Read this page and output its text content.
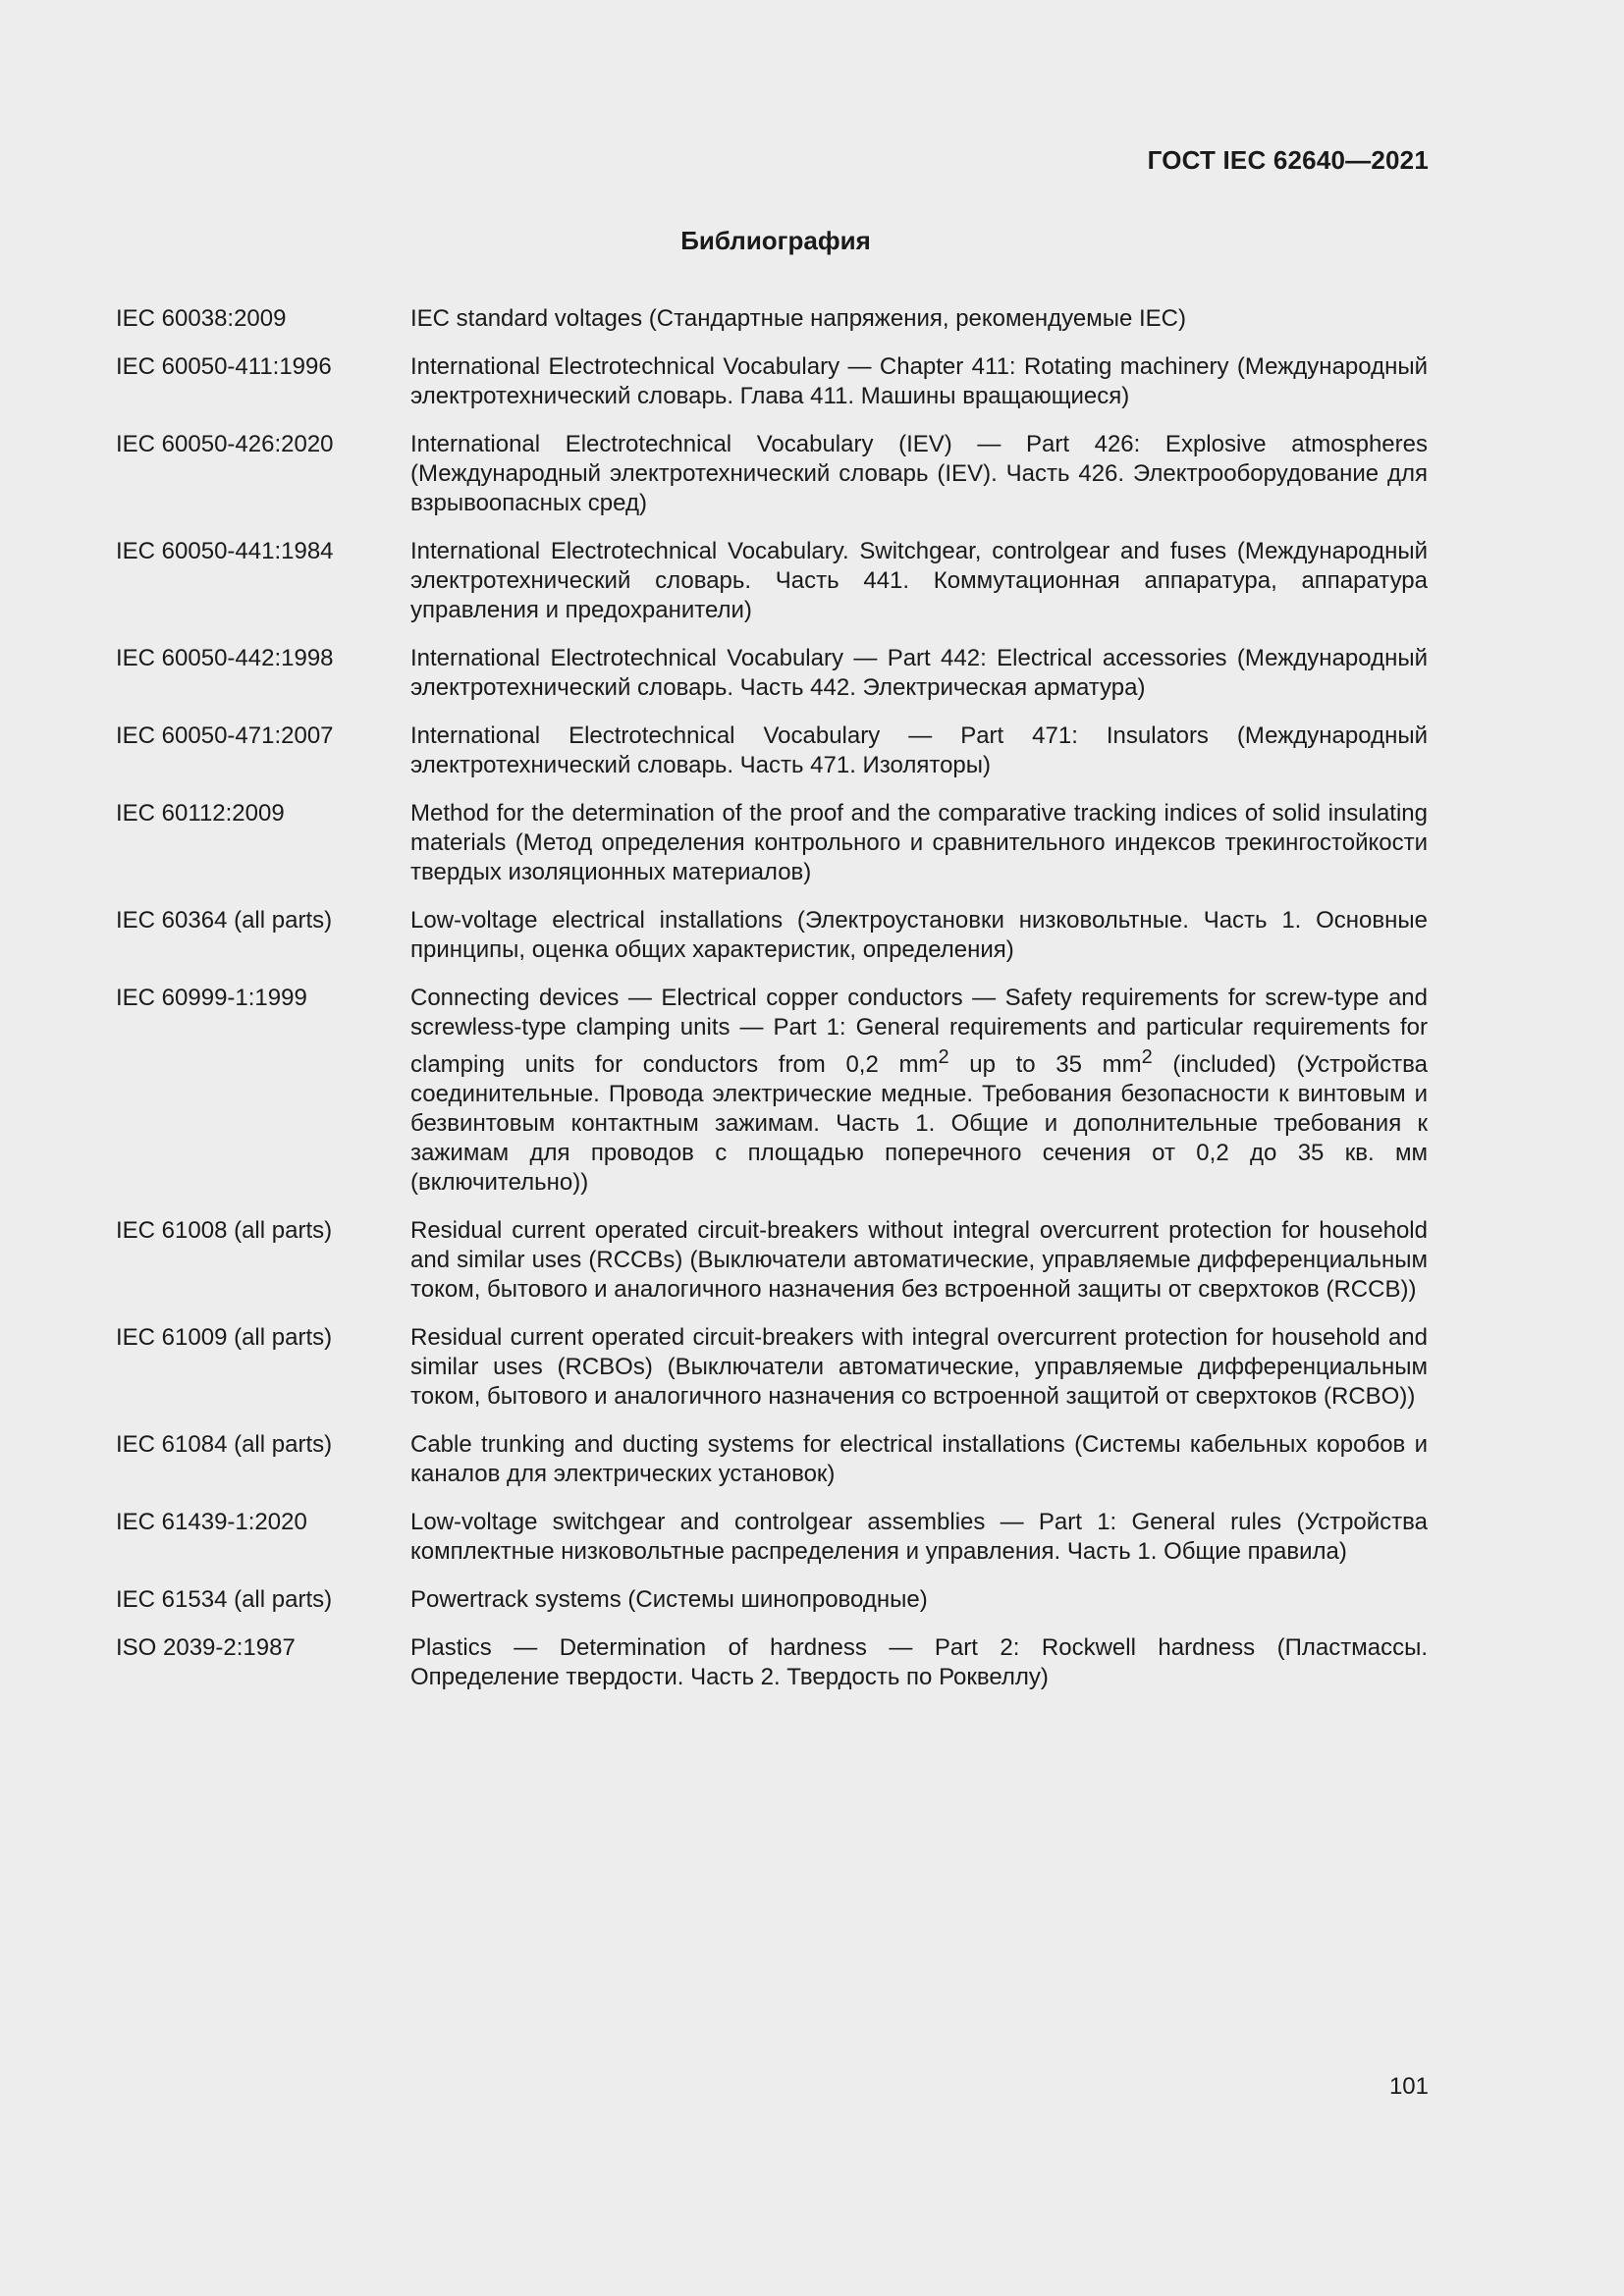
ГОСТ IEC 62640—2021
Библиография
IEC 60038:2009	IEC standard voltages (Стандартные напряжения, рекомендуемые IEC)
IEC 60050-411:1996	International Electrotechnical Vocabulary — Chapter 411: Rotating machinery (Международный электротехнический словарь. Глава 411. Машины вращающиеся)
IEC 60050-426:2020	International Electrotechnical Vocabulary (IEV) — Part 426: Explosive atmospheres (Международный электротехнический словарь (IEV). Часть 426. Электрооборудование для взрывоопасных сред)
IEC 60050-441:1984	International Electrotechnical Vocabulary. Switchgear, controlgear and fuses (Международный электротехнический словарь. Часть 441. Коммутационная аппаратура, аппаратура управления и предохранители)
IEC 60050-442:1998	International Electrotechnical Vocabulary — Part 442: Electrical accessories (Международный электротехнический словарь. Часть 442. Электрическая арматура)
IEC 60050-471:2007	International Electrotechnical Vocabulary — Part 471: Insulators (Международный электротехнический словарь. Часть 471. Изоляторы)
IEC 60112:2009	Method for the determination of the proof and the comparative tracking indices of solid insulating materials (Метод определения контрольного и сравнительного индексов трекингостойкости твердых изоляционных материалов)
IEC 60364 (all parts)	Low-voltage electrical installations (Электроустановки низковольтные. Часть 1. Основные принципы, оценка общих характеристик, определения)
IEC 60999-1:1999	Connecting devices — Electrical copper conductors — Safety requirements for screw-type and screwless-type clamping units — Part 1: General requirements and particular requirements for clamping units for conductors from 0,2 $mm^2$ up to 35 $mm^2$ (included) (Устройства соединительные. Провода электрические медные. Требования безопасности к винтовым и безвинтовым контактным зажимам. Часть 1. Общие и дополнительные требования к зажимам для проводов с площадью поперечного сечения от 0,2 до 35 кв. мм (включительно))
IEC 61008 (all parts)	Residual current operated circuit-breakers without integral overcurrent protection for household and similar uses (RCCBs) (Выключатели автоматические, управляемые дифференциальным током, бытового и аналогичного назначения без встроенной защиты от сверхтоков (RCCB))
IEC 61009 (all parts)	Residual current operated circuit-breakers with integral overcurrent protection for household and similar uses (RCBOs) (Выключатели автоматические, управляемые дифференциальным током, бытового и аналогичного назначения со встроенной защитой от сверхтоков (RCBO))
IEC 61084 (all parts)	Cable trunking and ducting systems for electrical installations (Системы кабельных коробов и каналов для электрических установок)
IEC 61439-1:2020	Low-voltage switchgear and controlgear assemblies — Part 1: General rules (Устройства комплектные низковольтные распределения и управления. Часть 1. Общие правила)
IEC 61534 (all parts)	Powertrack systems (Системы шинопроводные)
ISO 2039-2:1987	Plastics — Determination of hardness — Part 2: Rockwell hardness (Пластмассы. Определение твердости. Часть 2. Твердость по Роквеллу)
101
